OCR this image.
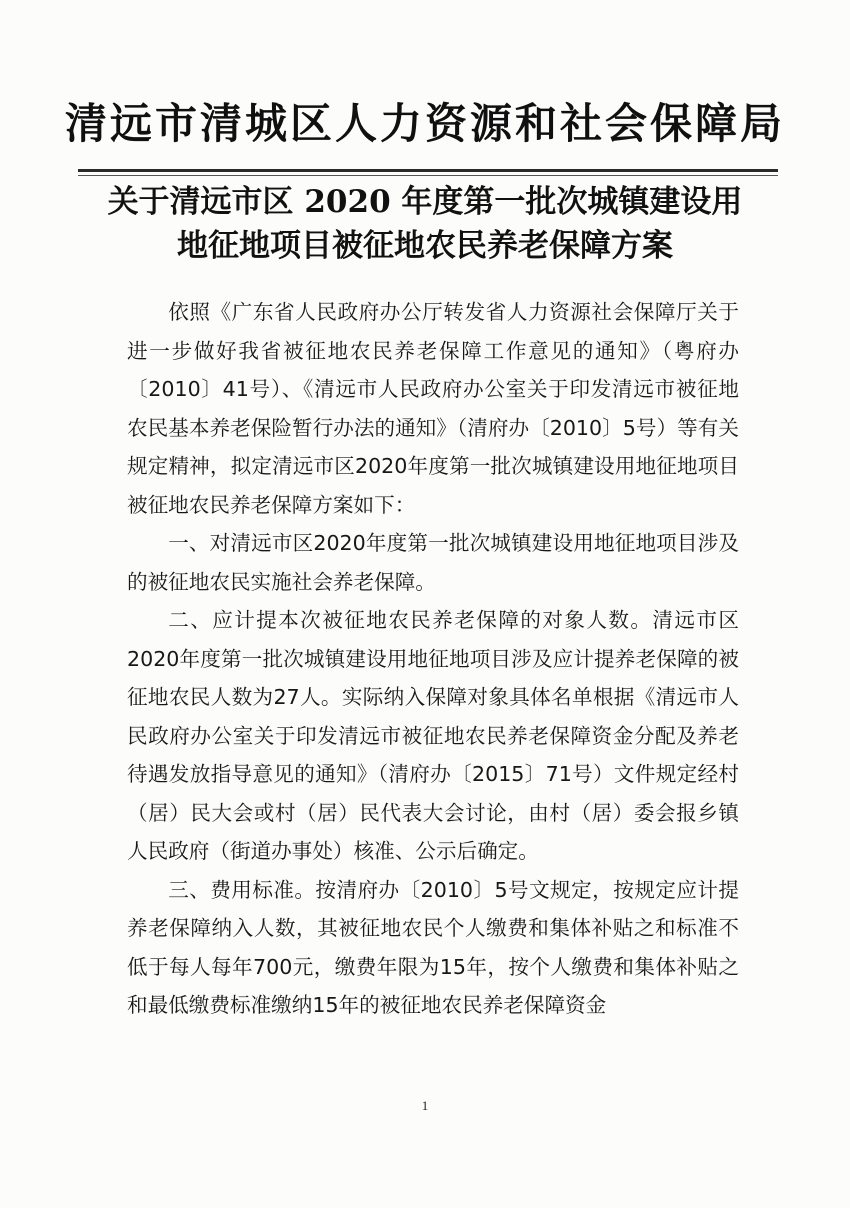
清远市清城区人力资源和社会保障局
关于清远市区 2020 年度第一批次城镇建设用
地征地项目被征地农民养老保障方案

依照《广东省人民政府办公厅转发省人力资源社会保障厅关于进一步做好我省被征地农民养老保障工作意见的通知》（粤府办〔2010〕41号）、《清远市人民政府办公室关于印发清远市被征地农民基本养老保险暂行办法的通知》（清府办〔2010〕5号）等有关规定精神，拟定清远市区2020年度第一批次城镇建设用地征地项目被征地农民养老保障方案如下：

一、对清远市区2020年度第一批次城镇建设用地征地项目涉及的被征地农民实施社会养老保障。

二、应计提本次被征地农民养老保障的对象人数。清远市区2020年度第一批次城镇建设用地征地项目涉及应计提养老保障的被征地农民人数为27人。实际纳入保障对象具体名单根据《清远市人民政府办公室关于印发清远市被征地农民养老保障资金分配及养老待遇发放指导意见的通知》（清府办〔2015〕71号）文件规定经村（居）民大会或村（居）民代表大会讨论，由村（居）委会报乡镇人民政府（街道办事处）核准、公示后确定。

三、费用标准。按清府办〔2010〕5号文规定，按规定应计提养老保障纳入人数，其被征地农民个人缴费和集体补贴之和标准不低于每人每年700元，缴费年限为15年，按个人缴费和集体补贴之和最低缴费标准缴纳15年的被征地农民养老保障资金

1
